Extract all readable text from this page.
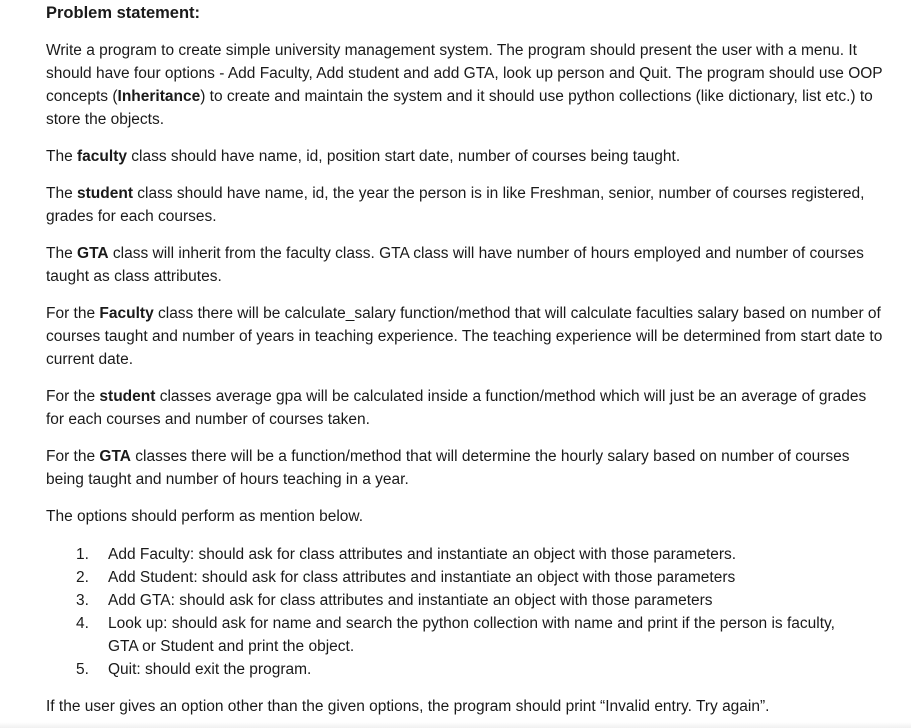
Problem statement:

Write a program to create simple university management system. The program should present the user with a menu. It should have four options - Add Faculty, Add student and add GTA, look up person and Quit. The program should use OOP concepts (Inheritance) to create and maintain the system and it should use python collections (like dictionary, list etc.) to store the objects.

The faculty class should have name, id, position start date, number of courses being taught.

The student class should have name, id, the year the person is in like Freshman, senior, number of courses registered, grades for each courses.

The GTA class will inherit from the faculty class. GTA class will have number of hours employed and number of courses taught as class attributes.

For the Faculty class there will be calculate_salary function/method that will calculate faculties salary based on number of courses taught and number of years in teaching experience. The teaching experience will be determined from start date to current date.

For the student classes average gpa will be calculated inside a function/method which will just be an average of grades for each courses and number of courses taken.

For the GTA classes there will be a function/method that will determine the hourly salary based on number of courses being taught and number of hours teaching in a year.

The options should perform as mention below.

1.	Add Faculty: should ask for class attributes and instantiate an object with those parameters.
2.	Add Student: should ask for class attributes and instantiate an object with those parameters
3.	Add GTA: should ask for class attributes and instantiate an object with those parameters
4.	Look up: should ask for name and search the python collection with name and print if the person is faculty, GTA or Student and print the object.
5.	Quit: should exit the program.

If the user gives an option other than the given options, the program should print “Invalid entry. Try again”.
